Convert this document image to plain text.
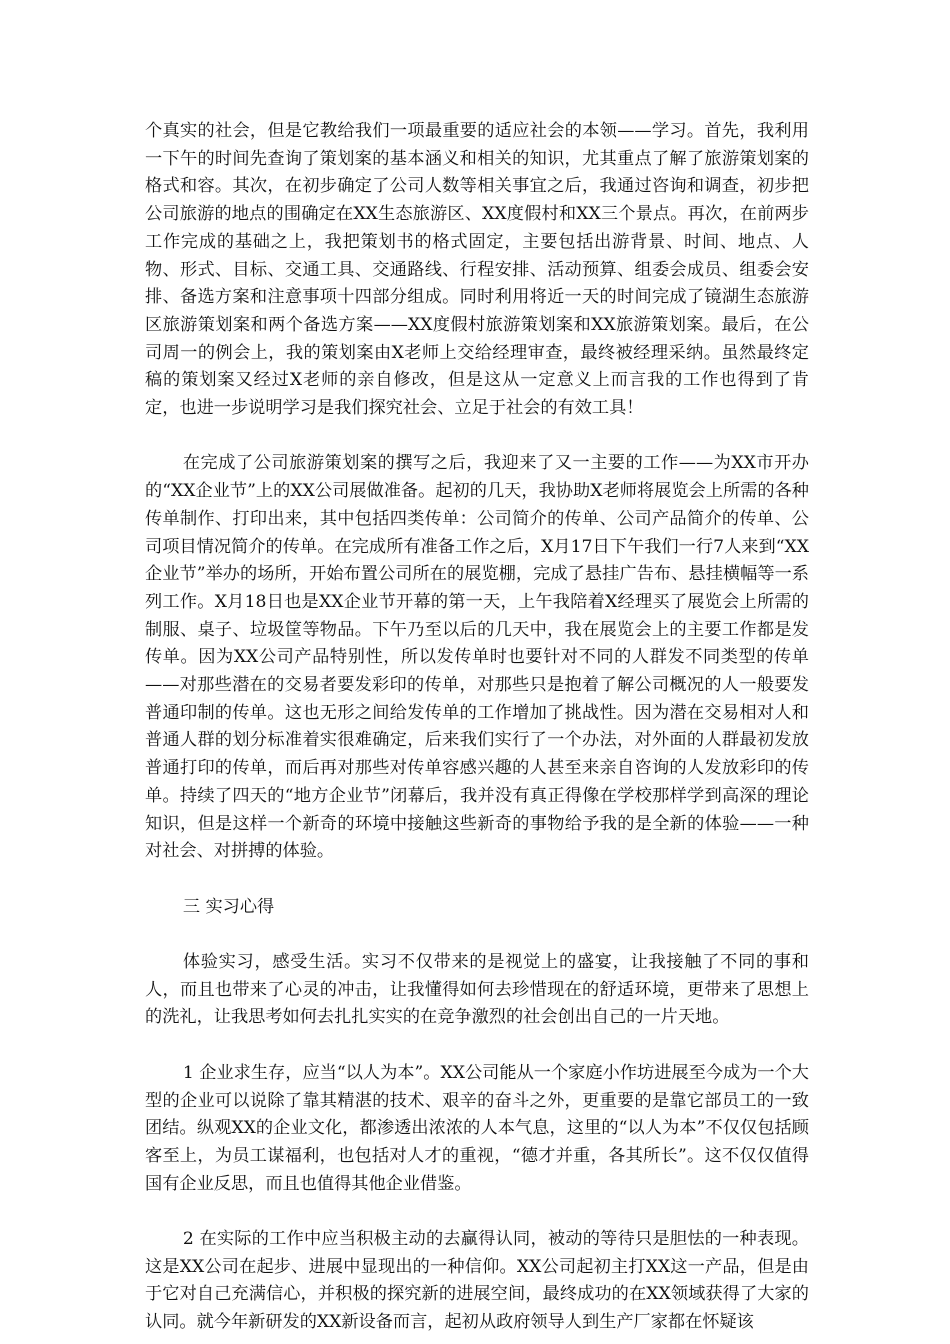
个真实的社会，但是它教给我们一项最重要的适应社会的本领——学习。首先，我利用一下午的时间先查询了策划案的基本涵义和相关的知识，尤其重点了解了旅游策划案的格式和容。其次，在初步确定了公司人数等相关事宜之后，我通过咨询和调查，初步把公司旅游的地点的围确定在XX生态旅游区、XX度假村和XX三个景点。再次，在前两步工作完成的基础之上，我把策划书的格式固定，主要包括出游背景、时间、地点、人物、形式、目标、交通工具、交通路线、行程安排、活动预算、组委会成员、组委会安排、备选方案和注意事项十四部分组成。同时利用将近一天的时间完成了镜湖生态旅游区旅游策划案和两个备选方案——XX度假村旅游策划案和XX旅游策划案。最后，在公司周一的例会上，我的策划案由X老师上交给经理审查，最终被经理采纳。虽然最终定稿的策划案又经过X老师的亲自修改，但是这从一定意义上而言我的工作也得到了肯定，也进一步说明学习是我们探究社会、立足于社会的有效工具！

在完成了公司旅游策划案的撰写之后，我迎来了又一主要的工作——为XX市开办的“XX企业节”上的XX公司展做准备。起初的几天，我协助X老师将展览会上所需的各种传单制作、打印出来，其中包括四类传单：公司简介的传单、公司产品简介的传单、公司项目情况简介的传单。在完成所有准备工作之后，X月17日下午我们一行7人来到“XX企业节”举办的场所，开始布置公司所在的展览棚，完成了悬挂广告布、悬挂横幅等一系列工作。X月18日也是XX企业节开幕的第一天，上午我陪着X经理买了展览会上所需的制服、桌子、垃圾筐等物品。下午乃至以后的几天中，我在展览会上的主要工作都是发传单。因为XX公司产品特别性，所以发传单时也要针对不同的人群发不同类型的传单——对那些潜在的交易者要发彩印的传单，对那些只是抱着了解公司概况的人一般要发普通印制的传单。这也无形之间给发传单的工作增加了挑战性。因为潜在交易相对人和普通人群的划分标准着实很难确定，后来我们实行了一个办法，对外面的人群最初发放普通打印的传单，而后再对那些对传单容感兴趣的人甚至来亲自咨询的人发放彩印的传单。持续了四天的“地方企业节”闭幕后，我并没有真正得像在学校那样学到高深的理论知识，但是这样一个新奇的环境中接触这些新奇的事物给予我的是全新的体验——一种对社会、对拼搏的体验。

三 实习心得

体验实习，感受生活。实习不仅带来的是视觉上的盛宴，让我接触了不同的事和人，而且也带来了心灵的冲击，让我懂得如何去珍惜现在的舒适环境，更带来了思想上的洗礼，让我思考如何去扎扎实实的在竞争激烈的社会创出自己的一片天地。

1 企业求生存，应当“以人为本”。XX公司能从一个家庭小作坊进展至今成为一个大型的企业可以说除了靠其精湛的技术、艰辛的奋斗之外，更重要的是靠它部员工的一致团结。纵观XX的企业文化，都渗透出浓浓的人本气息，这里的“以人为本”不仅仅包括顾客至上，为员工谋福利，也包括对人才的重视，“德才并重，各其所长”。这不仅仅值得国有企业反思，而且也值得其他企业借鉴。

2 在实际的工作中应当积极主动的去赢得认同，被动的等待只是胆怯的一种表现。这是XX公司在起步、进展中显现出的一种信仰。XX公司起初主打XX这一产品，但是由于它对自己充满信心，并积极的探究新的进展空间，最终成功的在XX领域获得了大家的认同。就今年新研发的XX新设备而言，起初从政府领导人到生产厂家都在怀疑该
